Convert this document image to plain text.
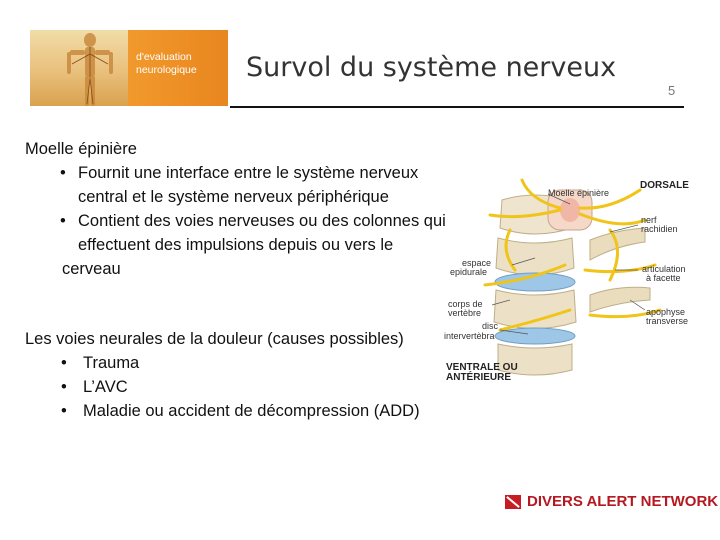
d'evaluation
neurologique	Survol du système nerveux
5
Moelle épinière
• Fournit une interface entre le système nerveux central et le système nerveux périphérique
• Contient des voies nerveuses ou des colonnes qui effectuent des impulsions depuis ou vers le
cerveau
Les voies neurales de la douleur (causes possibles)
• Trauma
• L’AVC
• Maladie ou accident de décompression (ADD)
Moelle épinière
DORSALE
nerf
rachidien
espace
epidurale	articulation
à facette
corps de
vertèbre	apophyse
transverse
disc
intervertèbra
VENTRALE OU
ANTÉRIEURE
DIVERS ALERT NETWORK
